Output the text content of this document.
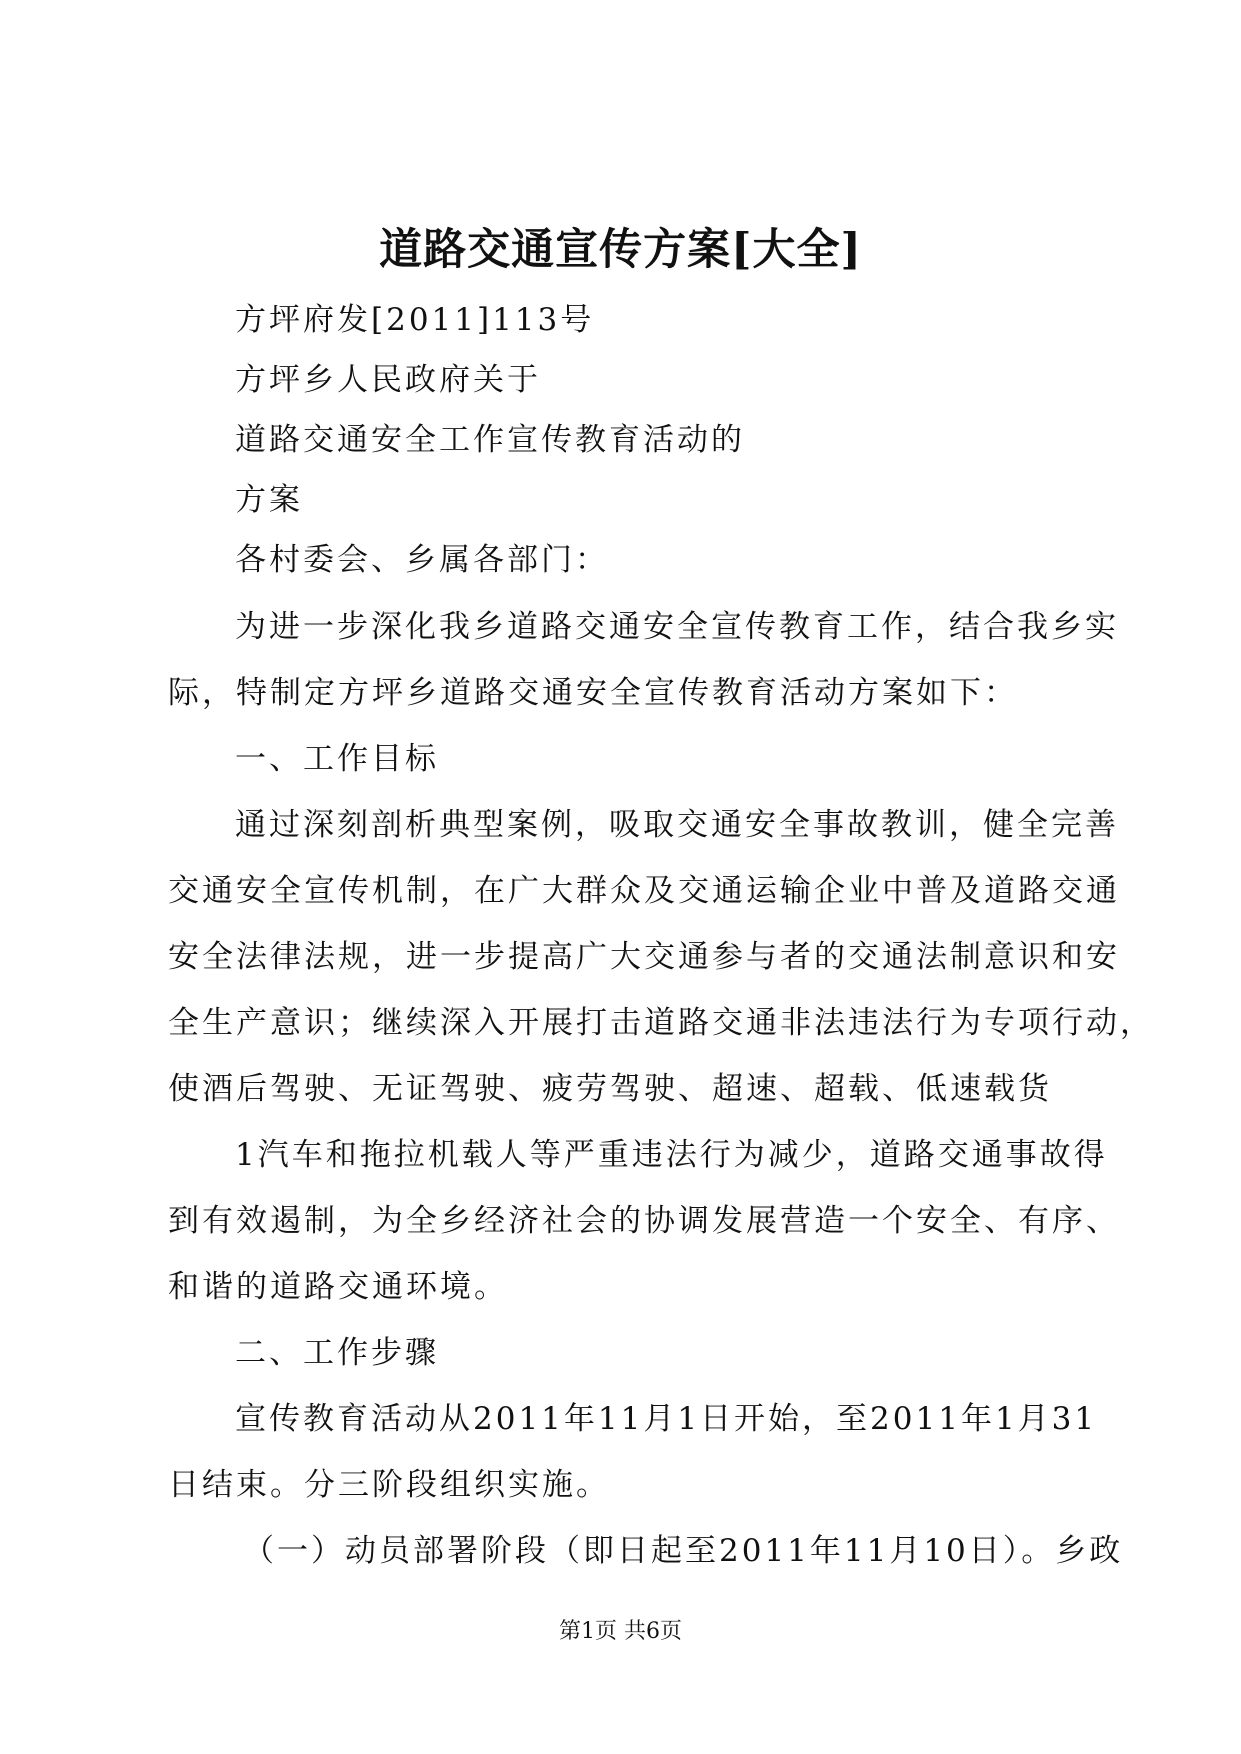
道路交通宣传方案[大全]
方坪府发[2011]113号
方坪乡人民政府关于
道路交通安全工作宣传教育活动的
方案
各村委会、乡属各部门：
为进一步深化我乡道路交通安全宣传教育工作，结合我乡实
际，特制定方坪乡道路交通安全宣传教育活动方案如下：
一、工作目标
通过深刻剖析典型案例，吸取交通安全事故教训，健全完善
交通安全宣传机制，在广大群众及交通运输企业中普及道路交通
安全法律法规，进一步提高广大交通参与者的交通法制意识和安
全生产意识；继续深入开展打击道路交通非法违法行为专项行动，
使酒后驾驶、无证驾驶、疲劳驾驶、超速、超载、低速载货
1汽车和拖拉机载人等严重违法行为减少，道路交通事故得
到有效遏制，为全乡经济社会的协调发展营造一个安全、有序、
和谐的道路交通环境。
二、工作步骤
宣传教育活动从2011年11月1日开始，至2011年1月31
日结束。分三阶段组织实施。
（一）动员部署阶段（即日起至2011年11月10日）。乡政
第1页 共6页
